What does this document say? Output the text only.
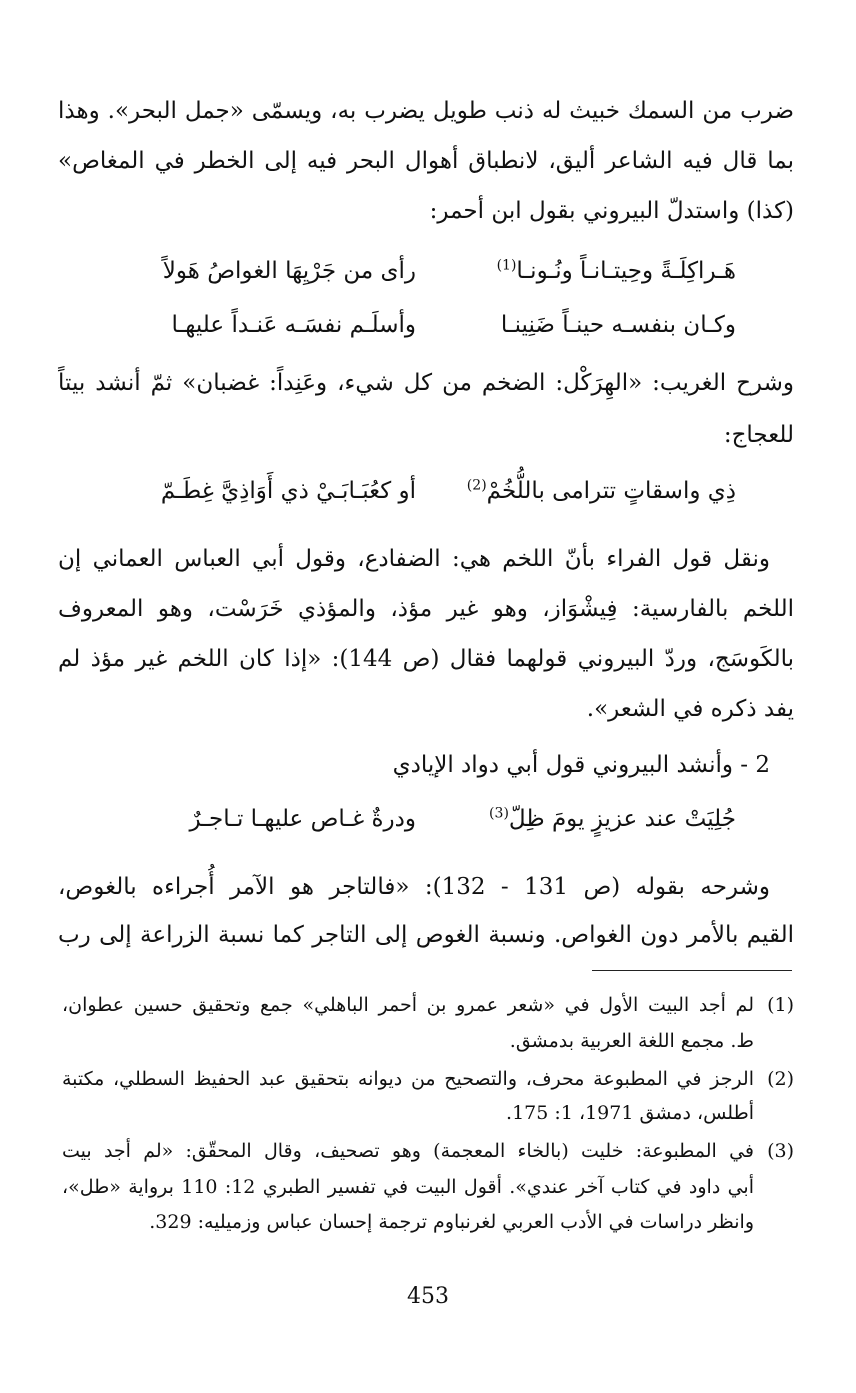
ضرب من السمك خبيث له ذنب طويل يضرب به، ويسمّى «جمل البحر». وهذا
بما قال فيه الشاعر أليق، لانطباق أهوال البحر فيه إلى الخطر في المغاص»
(كذا) واستدلّ البيروني بقول ابن أحمر:
هَـراكِلَـةً وحِيتـانـاً ونُـونـا$^{(1)}$
رأى من جَرْيِهَا الغواصُ هَولاً
وكـان بنفسـه حينـاً ضَنِينـا
وأسلَـم نفسَـه عَنـداً عليهـا
وشرح الغريب: «الهِرَكْل: الضخم من كل شيء، وعَنِداً: غضبان» ثمّ أنشد بيتاً
للعجاج:
ذِي واسقاتٍ تترامى باللُّخُمْ$^{(2)}$
أو كعُبَـابَـيْ ذي أَوَاذِيَّ غِطَـمّ
ونقل قول الفراء بأنّ اللخم هي: الضفادع، وقول أبي العباس العماني إن
اللخم بالفارسية: فِيشْوَاز، وهو غير مؤذ، والمؤذي خَرَسْت، وهو المعروف
بالكَوسَج، وردّ البيروني قولهما فقال (ص 144): «إذا كان اللخم غير مؤذ لم
يفد ذكره في الشعر».
2 - وأنشد البيروني قول أبي دواد الإيادي
جُلِيَتْ عند عزيزٍ يومَ ظِلّ$^{(3)}$
ودرةٌ غـاص عليهـا تـاجـرٌ
وشرحه بقوله (ص 131 - 132): «فالتاجر هو الآمر أُجراءه بالغوص،
القيم بالأمر دون الغواص. ونسبة الغوص إلى التاجر كما نسبة الزراعة إلى رب
(1)
لم أجد البيت الأول في «شعر عمرو بن أحمر الباهلي» جمع وتحقيق حسين عطوان،
ط. مجمع اللغة العربية بدمشق.
(2)
الرجز في المطبوعة محرف، والتصحيح من ديوانه بتحقيق عبد الحفيظ السطلي، مكتبة
أطلس، دمشق 1971، 1: 175.
(3)
في المطبوعة: خليت (بالخاء المعجمة) وهو تصحيف، وقال المحقّق: «لم أجد بيت
أبي داود في كتاب آخر عندي». أقول البيت في تفسير الطبري 12: 110 برواية «طل»،
وانظر دراسات في الأدب العربي لغرنباوم ترجمة إحسان عباس وزميليه: 329.
453
